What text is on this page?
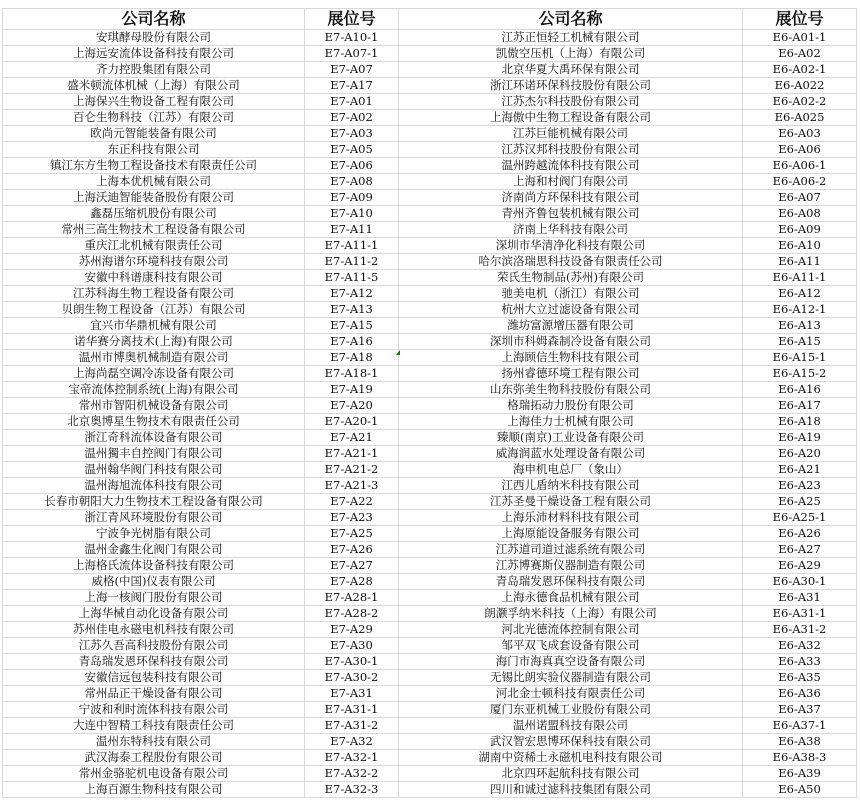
公司名称	展位号	公司名称	展位号
安琪酵母股份有限公司	E7-A10-1	江苏正恒轻工机械有限公司	E6-A01-1
上海远安流体设备科技有限公司	E7-A07-1	凯傲空压机（上海）有限公司	E6-A02
齐力控股集团有限公司	E7-A07	北京华夏大禹环保有限公司	E6-A02-1
盛米顿流体机械（上海）有限公司	E7-A17	浙江环诺环保科技股份有限公司	E6-A022
上海保兴生物设备工程有限公司	E7-A01	江苏杰尔科技股份有限公司	E6-A02-2
百仑生物科技（江苏）有限公司	E7-A02	上海傲中生物工程设备有限公司	E6-A025
欧尚元智能装备有限公司	E7-A03	江苏巨能机械有限公司	E6-A03
东正科技有限公司	E7-A05	江苏汉邦科技股份有限公司	E6-A06
镇江东方生物工程设备技术有限责任公司	E7-A06	温州跨越流体科技有限公司	E6-A06-1
上海本优机械有限公司	E7-A08	上海和村阀门有限公司	E6-A06-2
上海沃迪智能装备股份有限公司	E7-A09	济南尚方环保科技有限公司	E6-A07
鑫磊压缩机股份有限公司	E7-A10	青州齐鲁包装机械有限公司	E6-A08
常州三高生物技术工程设备有限公司	E7-A11	济南上华科技有限公司	E6-A09
重庆江北机械有限责任公司	E7-A11-1	深圳市华清净化科技有限公司	E6-A10
苏州海谱尔环境科技有限公司	E7-A11-2	哈尔滨洛瑞思科技设备有限责任公司	E6-A11
安徽中科谱康科技有限公司	E7-A11-5	荣氏生物制品(苏州)有限公司	E6-A11-1
江苏科海生物工程设备有限公司	E7-A12	驰美电机（浙江）有限公司	E6-A12
贝朗生物工程设备（江苏）有限公司	E7-A13	杭州大立过滤设备有限公司	E6-A12-1
宜兴市华鼎机械有限公司	E7-A15	潍坊富源增压器有限公司	E6-A13
诺华赛分离技术(上海)有限公司	E7-A16	深圳市科姆森制冷设备有限公司	E6-A15
温州市博奥机械制造有限公司	E7-A18	上海顾信生物科技有限公司	E6-A15-1
上海尚磊空调冷冻设备有限公司	E7-A18-1	扬州睿德环境工程有限公司	E6-A15-2
宝帝流体控制系统(上海)有限公司	E7-A19	山东弥美生物科技股份有限公司	E6-A16
常州市智阳机械设备有限公司	E7-A20	格瑞拓动力股份有限公司	E6-A17
北京奥博星生物技术有限责任公司	E7-A20-1	上海佳力士机械有限公司	E6-A18
浙江奇科流体设备有限公司	E7-A21	臻顺(南京)工业设备有限公司	E6-A19
温州獨丰自控阀门有限公司	E7-A21-1	威海润蓝水处理设备有限公司	E6-A20
温州翰华阀门科技有限公司	E7-A21-2	海申机电总厂（象山）	E6-A21
温州海旭流体科技有限公司	E7-A21-3	江西儿盾纳米科技有限公司	E6-A23
长春市朝阳大力生物技术工程设备有限公司	E7-A22	江苏圣曼干燥设备工程有限公司	E6-A25
浙江青风环境股份有限公司	E7-A23	上海乐沛材料科技有限公司	E6-A25-1
宁波争光树脂有限公司	E7-A25	上海原能设备服务有限公司	E6-A26
温州金鑫生化阀门有限公司	E7-A26	江苏道司道过滤系统有限公司	E6-A27
上海格氏流体设备科技有限公司	E7-A27	江苏博赛斯仪器制造有限公司	E6-A29
威格(中国)仪表有限公司	E7-A28	青岛瑞发恩环保科技有限公司	E6-A30-1
上海一核阀门股份有限公司	E7-A28-1	上海永德食品机械有限公司	E6-A31
上海华械自动化设备有限公司	E7-A28-2	朗灏孚纳米科技（上海）有限公司	E6-A31-1
苏州佳电永磁电机科技有限公司	E7-A29	河北光德流体控制有限公司	E6-A31-2
江苏久吾高科技股份有限公司	E7-A30	邹平双飞成套设备有限公司	E6-A32
青岛瑞发恩环保科技有限公司	E7-A30-1	海门市海真真空设备有限公司	E6-A33
安徽信远包装科技有限公司	E7-A30-2	无锡比朗实验仪器制造有限公司	E6-A35
常州品正干燥设备有限公司	E7-A31	河北金士顿科技有限责任公司	E6-A36
宁波和利时流体科技有限公司	E7-A31-1	厦门东亚机械工业股份有限公司	E6-A37
大连中智精工科技有限责任公司	E7-A31-2	温州诺盟科技有限公司	E6-A37-1
温州东特科技有限公司	E7-A32	武汉智宏思博环保科技有限公司	E6-A38
武汉海泰工程股份有限公司	E7-A32-1	湖南中资稀土永磁机电科技有限公司	E6-A38-3
常州金骆驼机电设备有限公司	E7-A32-2	北京四环起航科技有限公司	E6-A39
上海百源生物科技有限公司	E7-A32-3	四川和诚过滤科技集团有限公司	E6-A50
